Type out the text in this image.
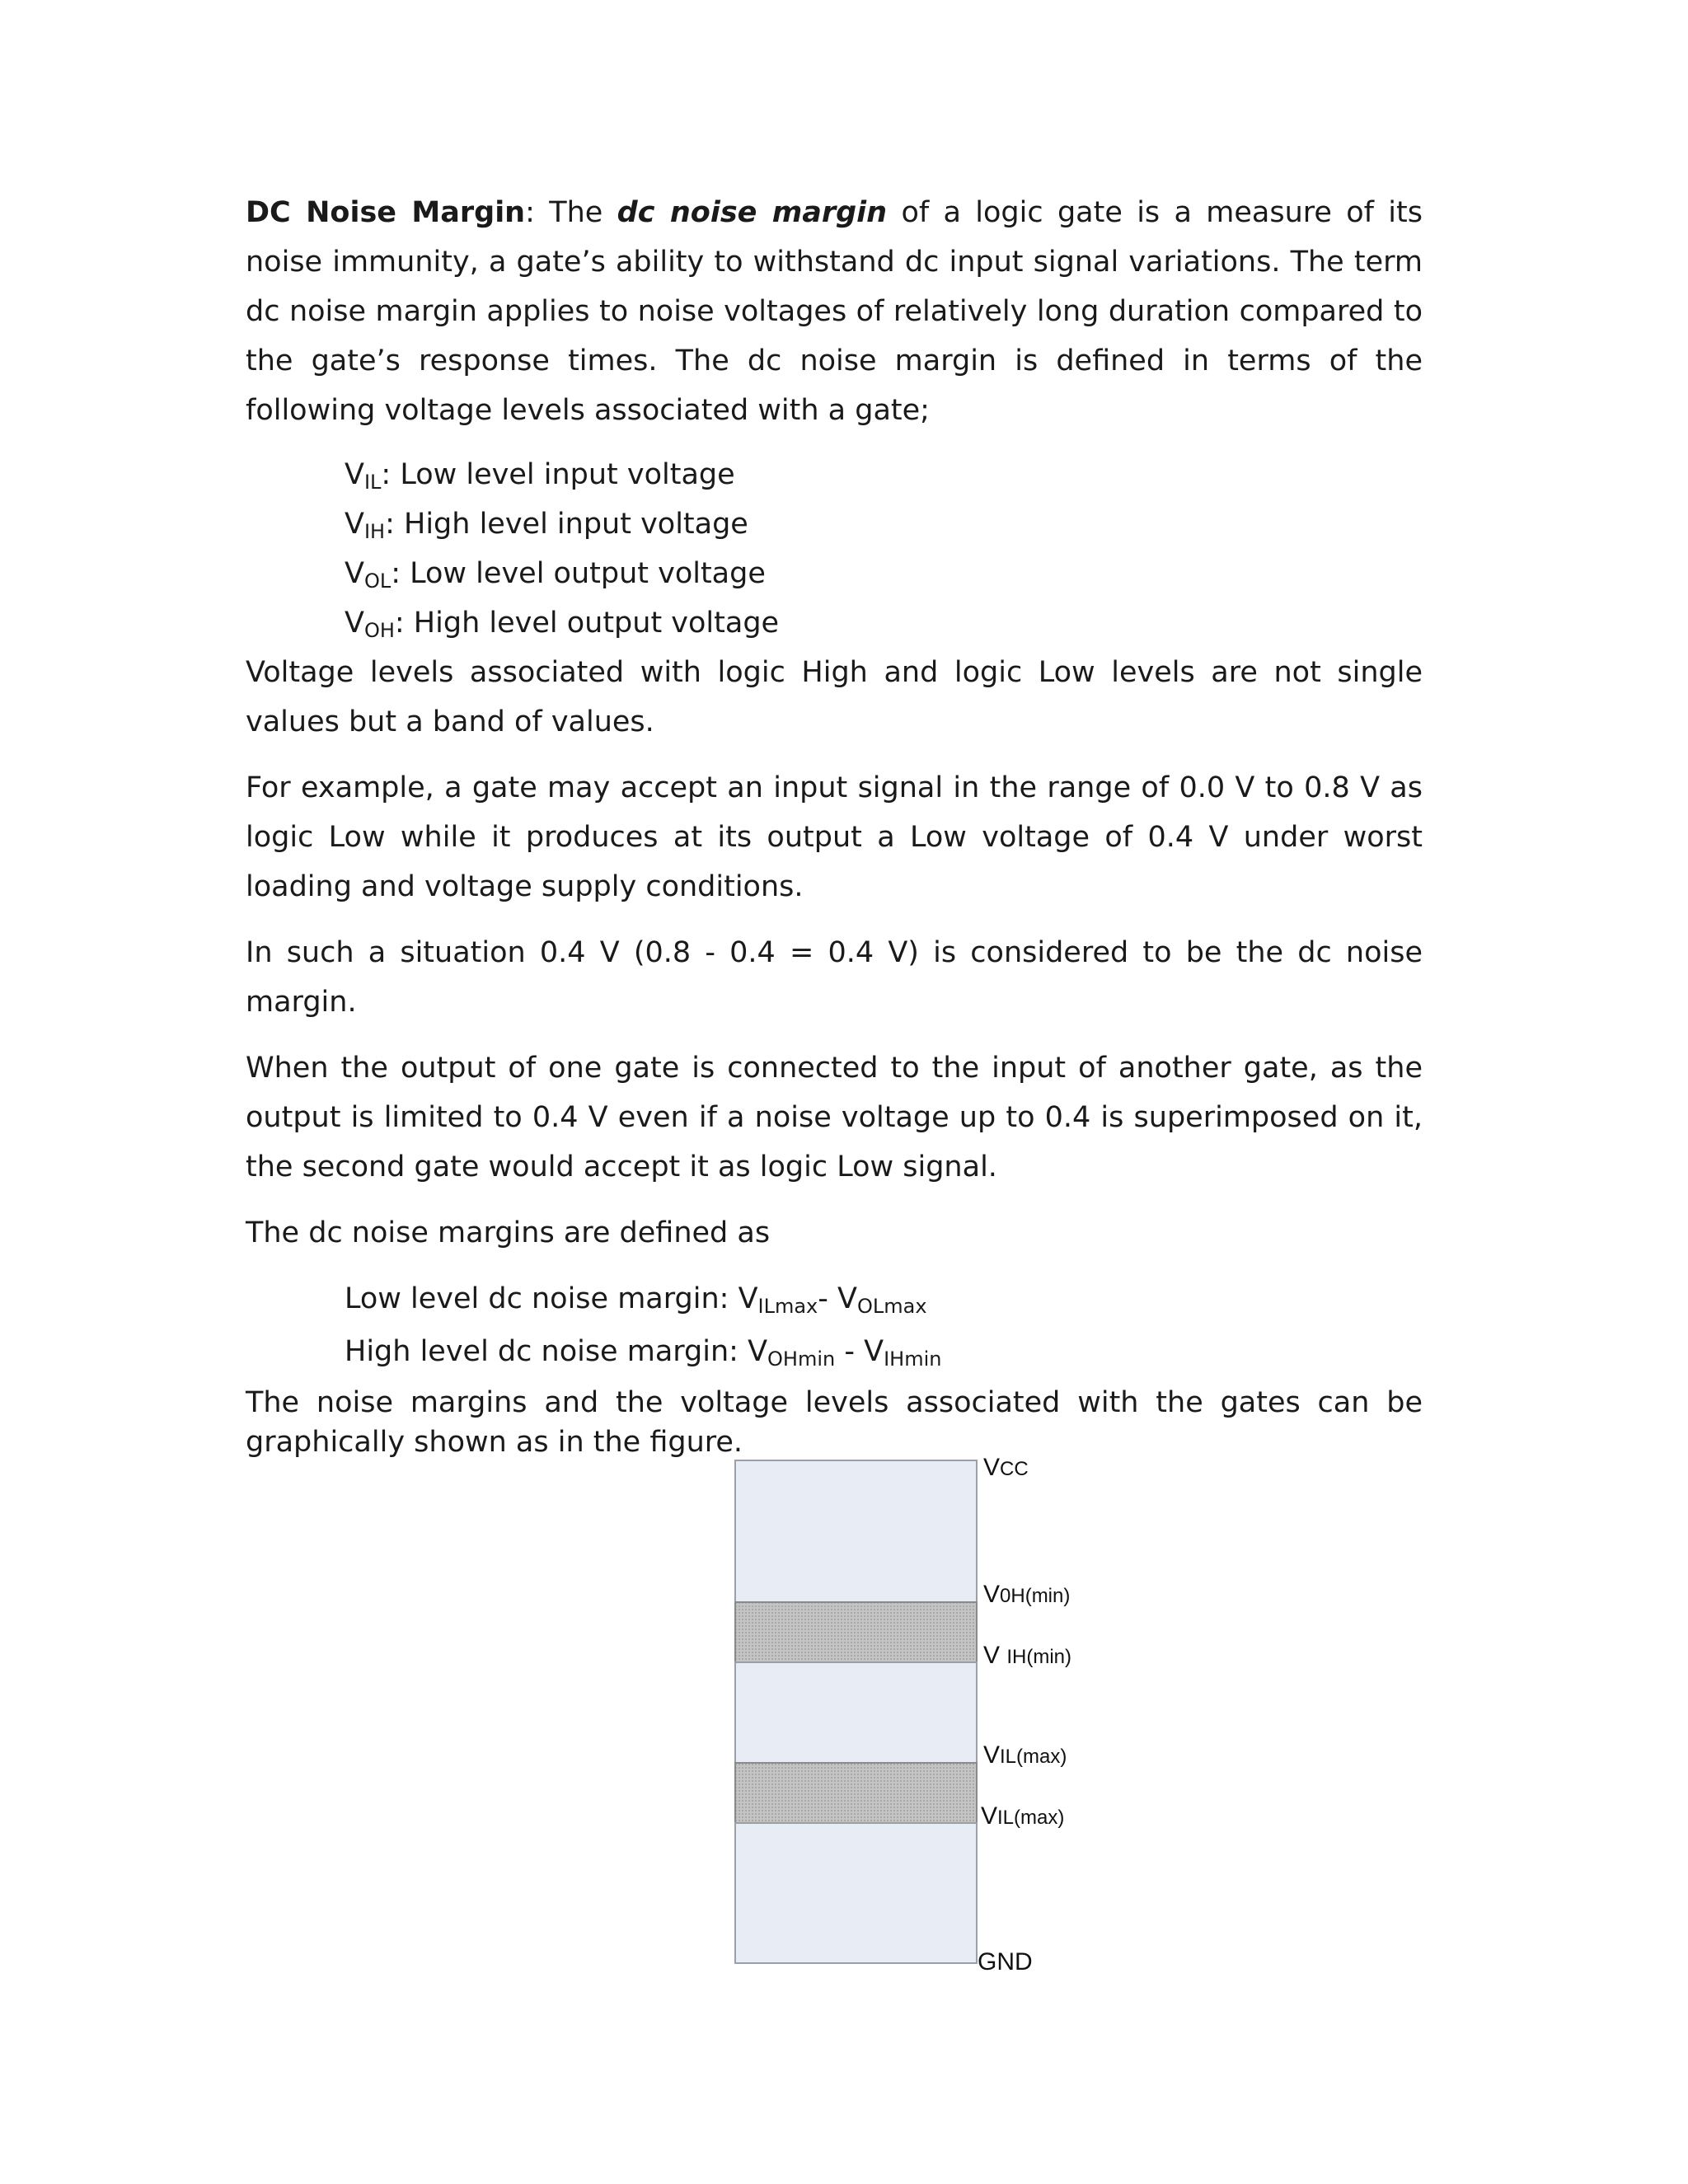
DC Noise Margin: The dc noise margin of a logic gate is a measure of its noise immunity, a gate’s ability to withstand dc input signal variations. The term dc noise margin applies to noise voltages of relatively long duration compared to the gate’s response times. The dc noise margin is defined in terms of the following voltage levels associated with a gate;

$V_{IL}$: Low level input voltage
$V_{IH}$: High level input voltage
$V_{OL}$: Low level output voltage
$V_{OH}$: High level output voltage

Voltage levels associated with logic High and logic Low levels are not single values but a band of values.

For example, a gate may accept an input signal in the range of 0.0 V to 0.8 V as logic Low while it produces at its output a Low voltage of 0.4 V under worst loading and voltage supply conditions.

In such a situation 0.4 V (0.8 - 0.4 = 0.4 V) is considered to be the dc noise margin.

When the output of one gate is connected to the input of another gate, as the output is limited to 0.4 V even if a noise voltage up to 0.4 is superimposed on it, the second gate would accept it as logic Low signal.

The dc noise margins are defined as

Low level dc noise margin: $V_{ILmax}-$ $V_{OLmax}$
High level dc noise margin: $V_{OHmin} - V_{IHmin}$

The noise margins and the voltage levels associated with the gates can be graphically shown as in the figure.

VCC
V0H(min)
V IH(min)
VIL(max)
VIL(max)
GND
